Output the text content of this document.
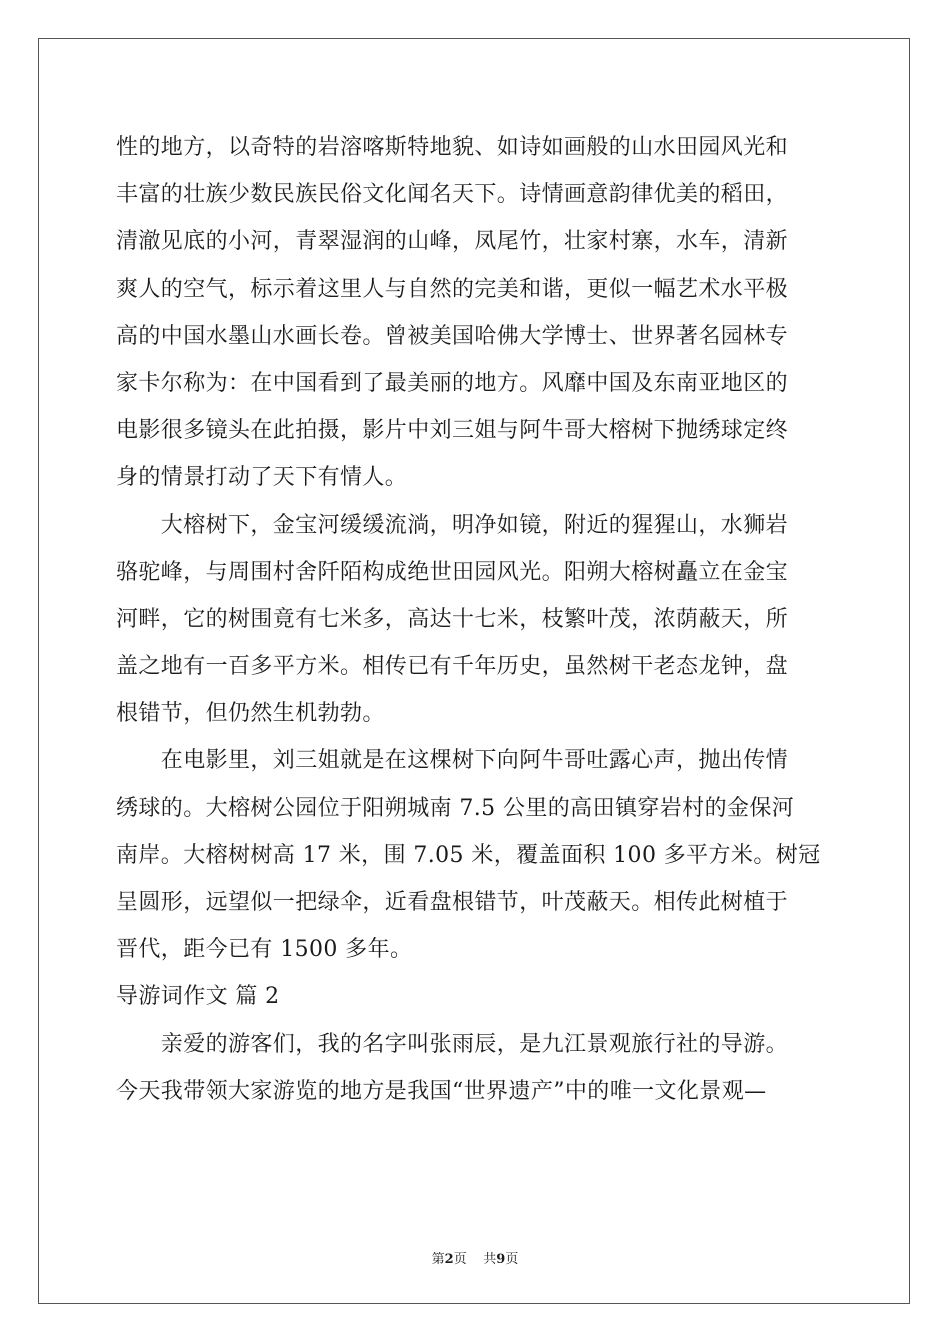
性的地方，以奇特的岩溶喀斯特地貌、如诗如画般的山水田园风光和
丰富的壮族少数民族民俗文化闻名天下。诗情画意韵律优美的稻田，
清澈见底的小河，青翠湿润的山峰，凤尾竹，壮家村寨，水车，清新
爽人的空气，标示着这里人与自然的完美和谐，更似一幅艺术水平极
高的中国水墨山水画长卷。曾被美国哈佛大学博士、世界著名园林专
家卡尔称为：在中国看到了最美丽的地方。风靡中国及东南亚地区的
电影很多镜头在此拍摄，影片中刘三姐与阿牛哥大榕树下抛绣球定终
身的情景打动了天下有情人。
　　大榕树下，金宝河缓缓流淌，明净如镜，附近的猩猩山，水狮岩
骆驼峰，与周围村舍阡陌构成绝世田园风光。阳朔大榕树矗立在金宝
河畔，它的树围竟有七米多，高达十七米，枝繁叶茂，浓荫蔽天，所
盖之地有一百多平方米。相传已有千年历史，虽然树干老态龙钟，盘
根错节，但仍然生机勃勃。
　　在电影里，刘三姐就是在这棵树下向阿牛哥吐露心声，抛出传情
绣球的。大榕树公园位于阳朔城南 7.5 公里的高田镇穿岩村的金保河
南岸。大榕树树高 17 米，围 7.05 米，覆盖面积 100 多平方米。树冠
呈圆形，远望似一把绿伞，近看盘根错节，叶茂蔽天。相传此树植于
晋代，距今已有 1500 多年。
导游词作文 篇 2
　　亲爱的游客们，我的名字叫张雨辰，是九江景观旅行社的导游。
今天我带领大家游览的地方是我国“世界遗产”中的唯一文化景观—
第2页 共9页
